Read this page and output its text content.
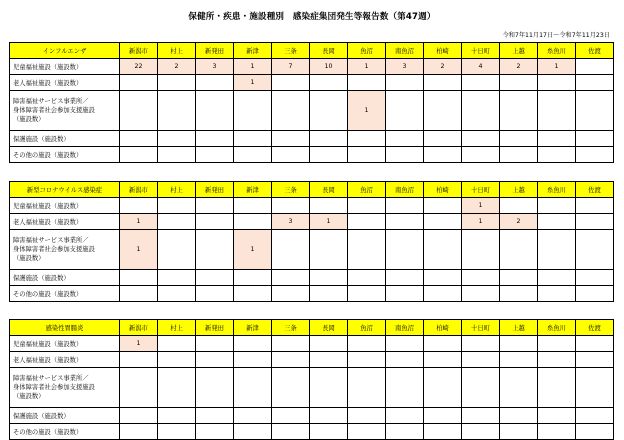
保健所・疾患・施設種別　感染症集団発生等報告数（第47週）
令和7年11月17日～令和7年11月23日
インフルエンザ	新潟市	村上	新発田	新津	三条	長岡	魚沼	南魚沼	柏崎	十日町	上越	糸魚川	佐渡
児童福祉施設（施設数）	22	2	3	1	7	10	1	3	2	4	2	1	
老人福祉施設（施設数）				1									
障害福祉サービス事業所／
身体障害者社会参加支援施設
（施設数）							1						
保護施設（施設数）													
その他の施設（施設数）													
新型コロナウイルス感染症	新潟市	村上	新発田	新津	三条	長岡	魚沼	南魚沼	柏崎	十日町	上越	糸魚川	佐渡
児童福祉施設（施設数）										1			
老人福祉施設（施設数）	1				3	1				1	2		
障害福祉サービス事業所／
身体障害者社会参加支援施設
（施設数）	1			1									
保護施設（施設数）													
その他の施設（施設数）													
感染性胃腸炎	新潟市	村上	新発田	新津	三条	長岡	魚沼	南魚沼	柏崎	十日町	上越	糸魚川	佐渡
児童福祉施設（施設数）	1												
老人福祉施設（施設数）													
障害福祉サービス事業所／
身体障害者社会参加支援施設
（施設数）													
保護施設（施設数）													
その他の施設（施設数）													
